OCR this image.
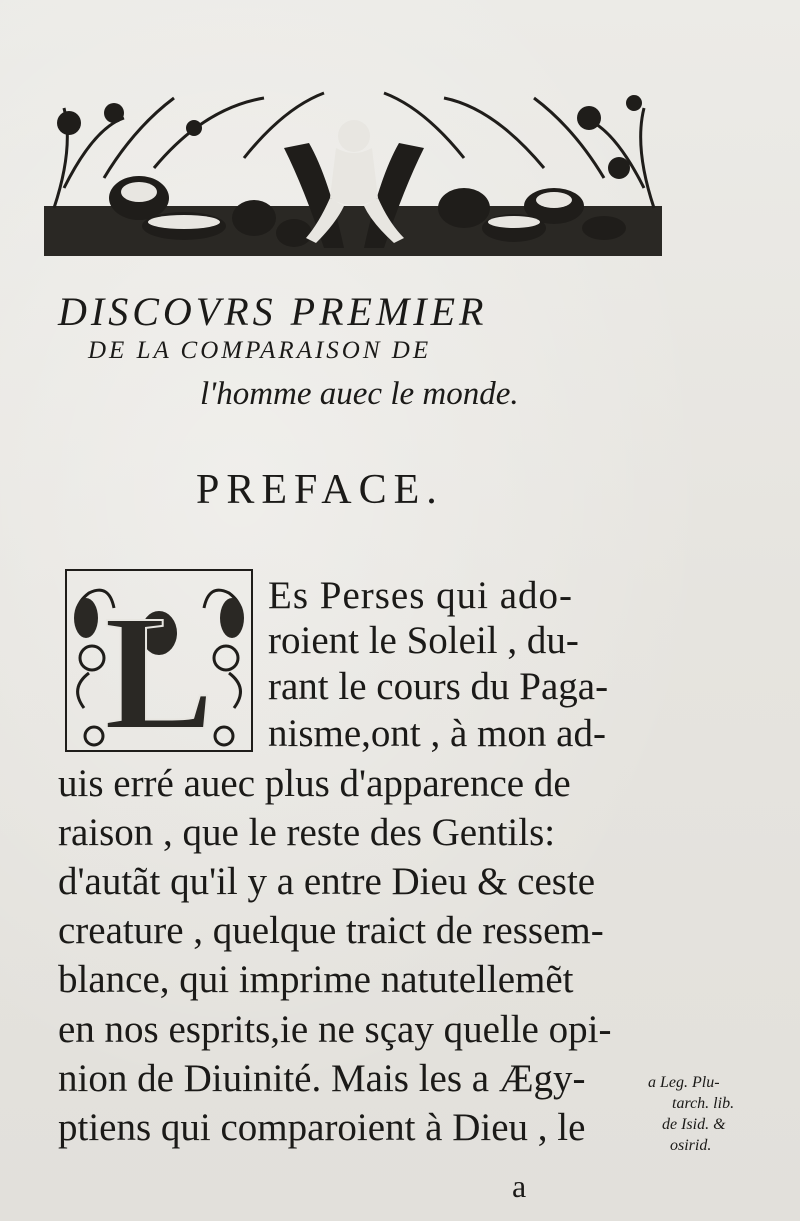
DISCOVRS PREMIER
DE LA COMPARAISON DE
l'homme auec le monde.
PREFACE.
L Es Perses qui ado-
roient le Soleil , du-
rant le cours du Paga-
nisme,ont , à mon ad-
uis erré auec plus d'apparence de
raison , que le reste des Gentils:
d'autãt qu'il y a entre Dieu & ceste
creature , quelque traict de ressem-
blance, qui imprime natutellemẽt
en nos esprits,ie ne sçay quelle opi-
nion de Diuinité. Mais les a Ægy-
ptiens qui comparoient à Dieu , le
a Leg. Plu-
tarch. lib.
de Isid. &
osirid.
a
